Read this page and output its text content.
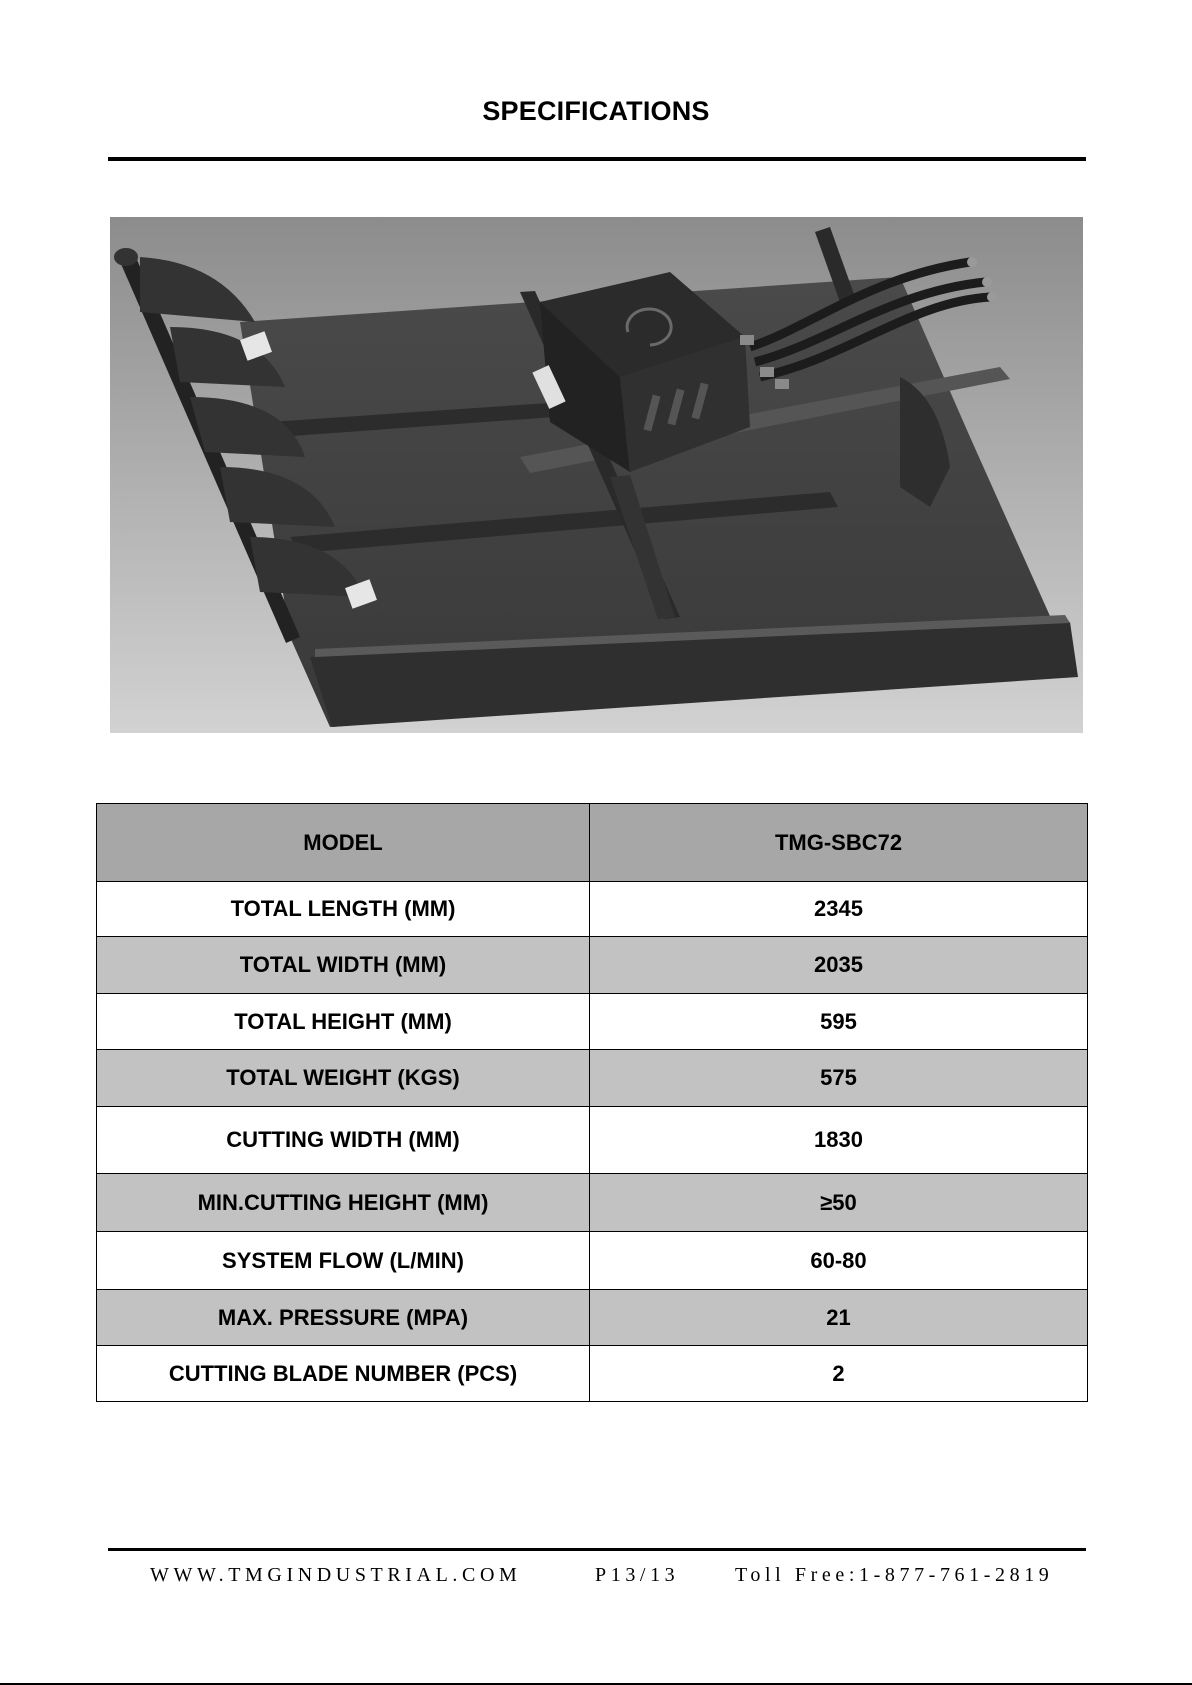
SPECIFICATIONS
MODEL	TMG-SBC72
TOTAL LENGTH (MM)	2345
TOTAL WIDTH (MM)	2035
TOTAL HEIGHT (MM)	595
TOTAL WEIGHT (KGS)	575
CUTTING WIDTH (MM)	1830
MIN.CUTTING HEIGHT (MM)	≥50
SYSTEM FLOW (L/MIN)	60-80
MAX. PRESSURE (MPA)	21
CUTTING BLADE NUMBER (PCS)	2
WWW.TMGINDUSTRIAL.COM	P13/13	Toll Free:1-877-761-2819
